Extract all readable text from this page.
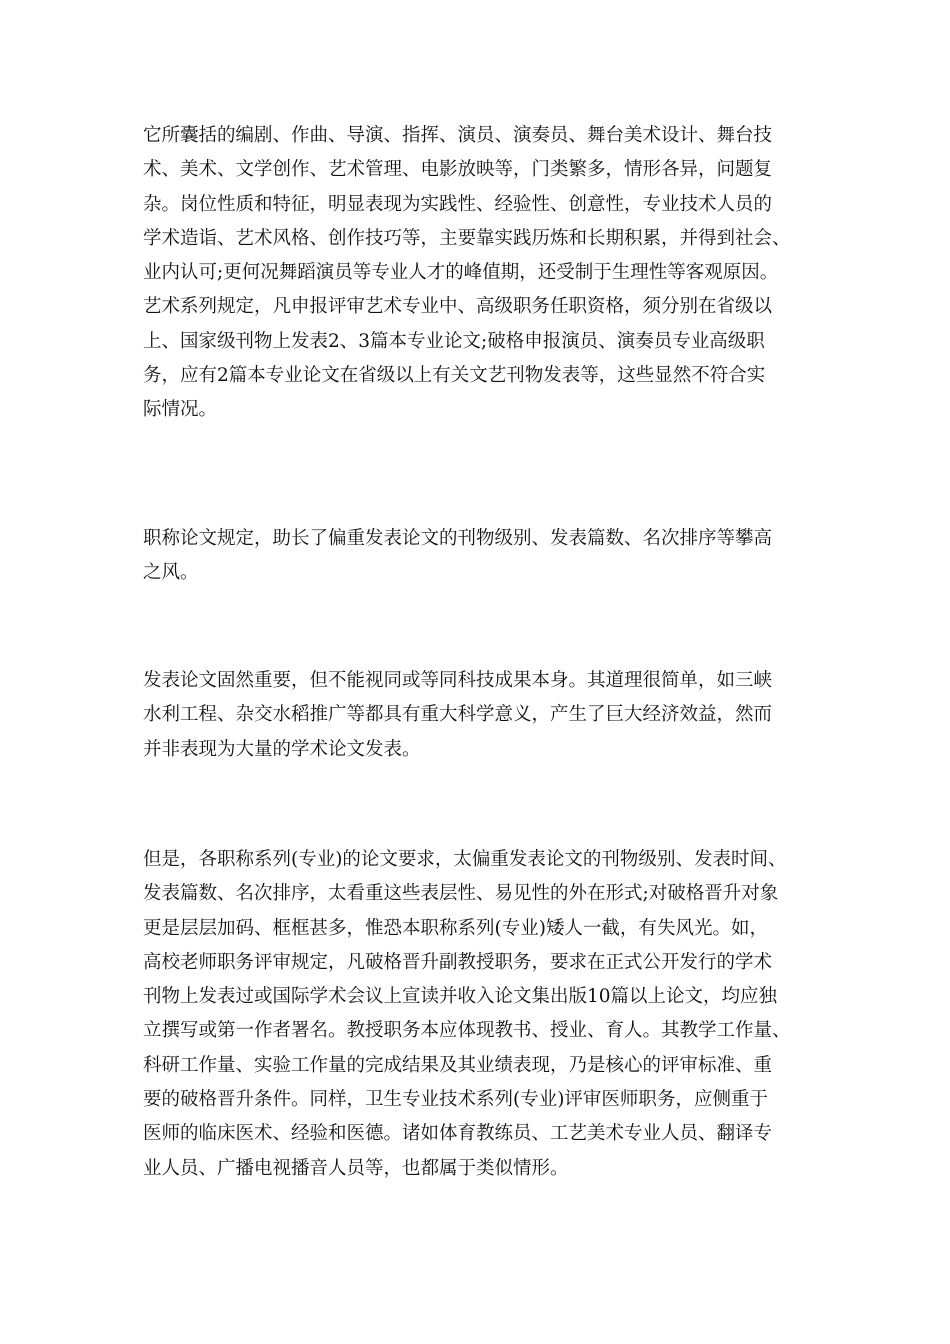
它所囊括的编剧、作曲、导演、指挥、演员、演奏员、舞台美术设计、舞台技
术、美术、文学创作、艺术管理、电影放映等，门类繁多，情形各异，问题复
杂。岗位性质和特征，明显表现为实践性、经验性、创意性，专业技术人员的
学术造诣、艺术风格、创作技巧等，主要靠实践历炼和长期积累，并得到社会、
业内认可;更何况舞蹈演员等专业人才的峰值期，还受制于生理性等客观原因。
艺术系列规定，凡申报评审艺术专业中、高级职务任职资格，须分别在省级以
上、国家级刊物上发表2、3篇本专业论文;破格申报演员、演奏员专业高级职
务，应有2篇本专业论文在省级以上有关文艺刊物发表等，这些显然不符合实
际情况。

职称论文规定，助长了偏重发表论文的刊物级别、发表篇数、名次排序等攀高
之风。

发表论文固然重要，但不能视同或等同科技成果本身。其道理很简单，如三峡
水利工程、杂交水稻推广等都具有重大科学意义，产生了巨大经济效益，然而
并非表现为大量的学术论文发表。

但是，各职称系列(专业)的论文要求，太偏重发表论文的刊物级别、发表时间、
发表篇数、名次排序，太看重这些表层性、易见性的外在形式;对破格晋升对象
更是层层加码、框框甚多，惟恐本职称系列(专业)矮人一截，有失风光。如，
高校老师职务评审规定，凡破格晋升副教授职务，要求在正式公开发行的学术
刊物上发表过或国际学术会议上宣读并收入论文集出版10篇以上论文，均应独
立撰写或第一作者署名。教授职务本应体现教书、授业、育人。其教学工作量、
科研工作量、实验工作量的完成结果及其业绩表现，乃是核心的评审标准、重
要的破格晋升条件。同样，卫生专业技术系列(专业)评审医师职务，应侧重于
医师的临床医术、经验和医德。诸如体育教练员、工艺美术专业人员、翻译专
业人员、广播电视播音人员等，也都属于类似情形。
